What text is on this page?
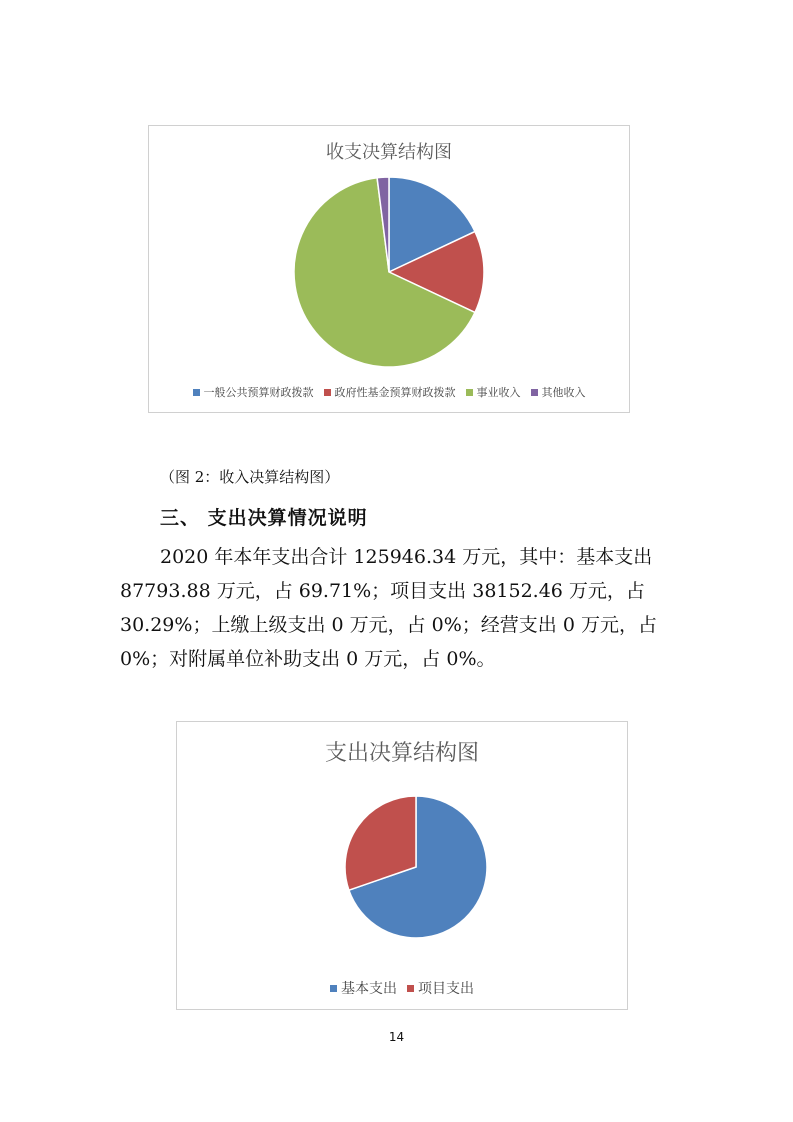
收支决算结构图
一般公共预算财政拨款 政府性基金预算财政拨款 事业收入 其他收入
（图 2：收入决算结构图）
三、 支出决算情况说明
2020 年本年支出合计 125946.34 万元，其中：基本支出
87793.88 万元，占 69.71%；项目支出 38152.46 万元，占
30.29%；上缴上级支出 0 万元，占 0%；经营支出 0 万元，占
0%；对附属单位补助支出 0 万元，占 0%。
支出决算结构图
基本支出 项目支出
14
